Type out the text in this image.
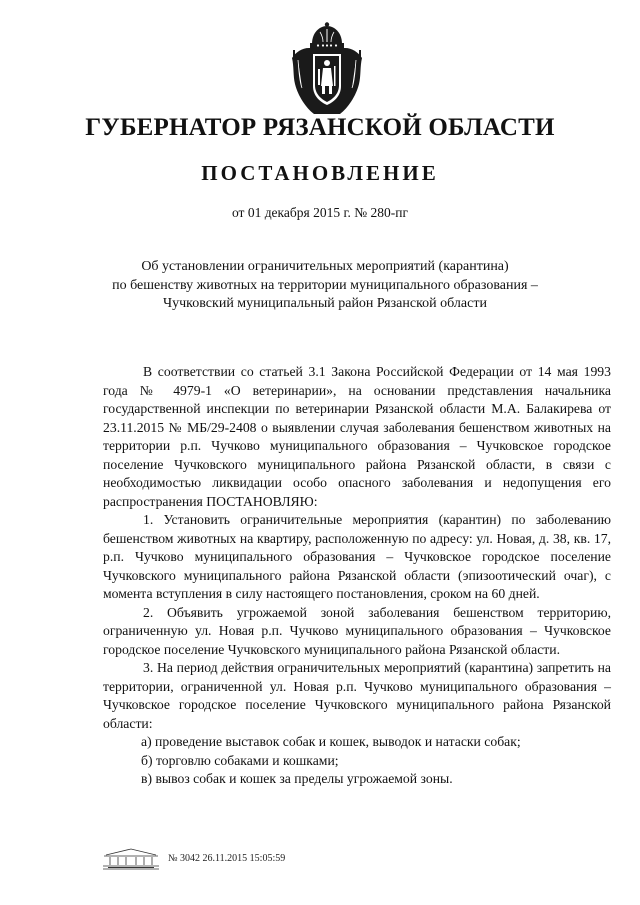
ГУБЕРНАТОР РЯЗАНСКОЙ ОБЛАСТИ
ПОСТАНОВЛЕНИЕ
от 01 декабря 2015 г. № 280-пг
Об установлении ограничительных мероприятий (карантина)
по бешенству животных на территории муниципального образования –
Чучковский муниципальный район Рязанской области

В соответствии со статьей 3.1 Закона Российской Федерации от 14 мая 1993 года № 4979-1 «О ветеринарии», на основании представления начальника государственной инспекции по ветеринарии Рязанской области М.А. Балакирева от 23.11.2015 № МБ/29-2408 о выявлении случая заболевания бешенством животных на территории р.п. Чучково муниципального образования – Чучковское городское поселение Чучковского муниципального района Рязанской области, в связи с необходимостью ликвидации особо опасного заболевания и недопущения его распространения ПОСТАНОВЛЯЮ:

1. Установить ограничительные мероприятия (карантин) по заболеванию бешенством животных на квартиру, расположенную по адресу: ул. Новая, д. 38, кв. 17, р.п. Чучково муниципального образования – Чучковское городское поселение Чучковского муниципального района Рязанской области (эпизоотический очаг), с момента вступления в силу настоящего постановления, сроком на 60 дней.

2. Объявить угрожаемой зоной заболевания бешенством территорию, ограниченную ул. Новая р.п. Чучково муниципального образования – Чучковское городское поселение Чучковского муниципального района Рязанской области.

3. На период действия ограничительных мероприятий (карантина) запретить на территории, ограниченной ул. Новая р.п. Чучково муниципального образования – Чучковское городское поселение Чучковского муниципального района Рязанской области:

а) проведение выставок собак и кошек, выводок и натаски собак;

б) торговлю собаками и кошками;

в) вывоз собак и кошек за пределы угрожаемой зоны.

№ 3042 26.11.2015 15:05:59
